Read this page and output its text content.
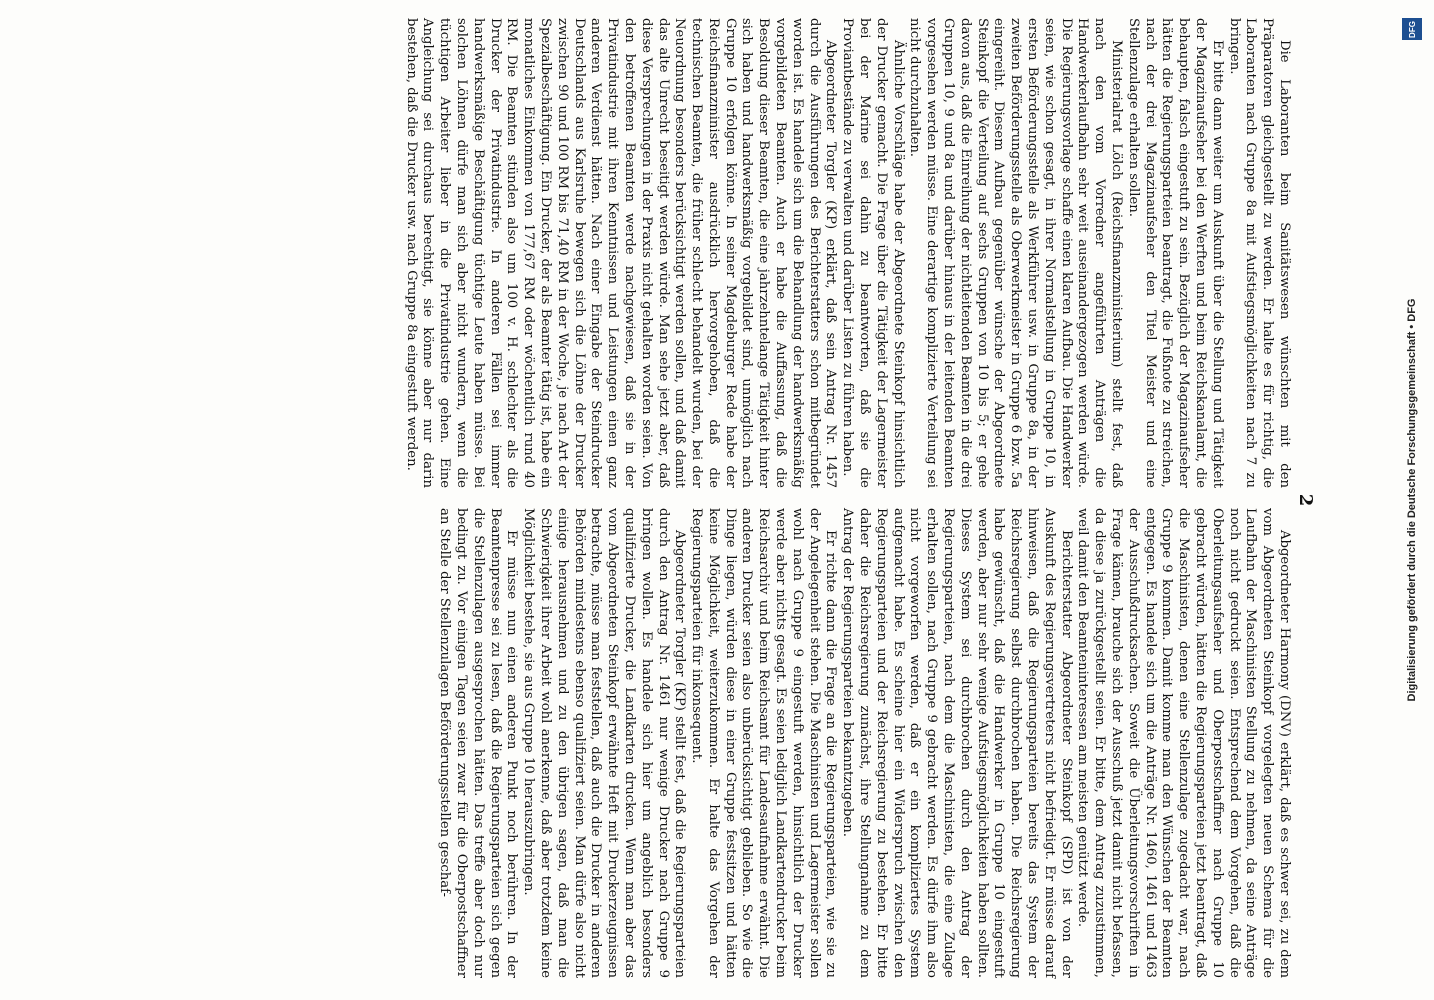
2

Die Laboranten beim Sanitätswesen wünschten mit den Präparatoren gleichgestellt zu werden. Er halte es für richtig, die Laboranten nach Gruppe 8a mit Aufstiegsmöglichkeiten nach 7 zu bringen.

Er bitte dann weiter um Auskunft über die Stellung und Tätigkeit der Magazinaufseher bei den Werften und beim Reichskanalamt, die behaupten, falsch eingestuft zu sein. Bezüglich der Magazinaufseher hätten die Regierungsparteien beantragt, die Fußnote zu streichen, nach der drei Magazinaufseher den Titel Meister und eine Stellenzulage erhalten sollen.

Ministerialrat Lölch (Reichsfinanzministerium) stellt fest, daß nach den vom Vorredner angeführten Anträgen die Handwerkerlaufbahn sehr weit auseinandergezogen werden würde. Die Regierungsvorlage schaffe einen klaren Aufbau. Die Handwerker seien, wie schon gesagt, in ihrer Normalstellung in Gruppe 10, in ersten Beförderungsstelle als Werkführer usw. in Gruppe 8a, in der zweiten Beförderungsstelle als Oberwerkmeister in Gruppe 6 bzw. 5a eingereiht. Diesem Aufbau gegenüber wünsche der Abgeordnete Steinkopf die Verteilung auf sechs Gruppen von 10 bis 5; er gehe davon aus, daß die Einreihung der nichtleitenden Beamten in die drei Gruppen 10, 9 und 8a und darüber hinaus in der leitenden Beamten vorgesehen werden müsse. Eine derartige komplizierte Verteilung sei nicht durchzuhalten.

Ähnliche Vorschläge habe der Abgeordnete Steinkopf hinsichtlich der Drucker gemacht. Die Frage über die Tätigkeit der Lagermeister bei der Marine sei dahin zu beantworten, daß sie die Proviantbestände zu verwalten und darüber Listen zu führen haben.

Abgeordneter Torgler (KP) erklärt, daß sein Antrag Nr. 1457 durch die Ausführungen des Berichterstatters schon mitbegründet worden ist. Es handele sich um die Behandlung der handwerksmäßig vorgebildeten Beamten. Auch er habe die Auffassung, daß die Besoldung dieser Beamten, die eine jahrzehntelange Tätigkeit hinter sich haben und handwerksmäßig vorgebildet sind, unmöglich nach Gruppe 10 erfolgen könne. In seiner Magdeburger Rede habe der Reichsfinanzminister ausdrücklich hervorgehoben, daß die technischen Beamten, die früher schlecht behandelt wurden, bei der Neuordnung besonders berücksichtigt werden sollen, und daß damit das alte Unrecht beseitigt werden würde. Man sehe jetzt aber, daß diese Versprechungen in der Praxis nicht gehalten worden seien. Von den betroffenen Beamten werde nachgewiesen, daß sie in der Privatindustrie mit ihren Kenntnissen und Leistungen einen ganz anderen Verdienst hätten. Nach einer Eingabe der Steindrucker Deutschlands aus Karlsruhe bewegen sich die Löhne der Drucker zwischen 90 und 100 RM bis 71,40 RM in der Woche, je nach Art der Spezialbeschäftigung. Ein Drucker, der als Beamter tätig ist, habe ein monatliches Einkommen von 177,67 RM oder wöchentlich rund 40 RM. Die Beamten stünden also um 100 v. H. schlechter als die Drucker der Privatindustrie. In anderen Fällen sei immer handwerksmäßige Beschäftigung tüchtige Leute haben müsse. Bei solchen Löhnen dürfe man sich aber nicht wundern, wenn die tüchtigen Arbeiter lieber in die Privatindustrie gehen. Eine Angleichung sei durchaus berechtigt, sie könne aber nur darin bestehen, daß die Drucker usw. nach Gruppe 8a eingestuft werden.

Abgeordneter Harmony (DNV) erklärt, daß es schwer sei, zu dem vom Abgeordneten Steinkopf vorgelegten neuen Schema für die Laufbahn der Maschinisten Stellung zu nehmen, da seine Anträge noch nicht gedruckt seien. Entsprechend dem Vorgehen, daß die Oberleitungsaufseher und Oberpostschaffner nach Gruppe 10 gebracht würden, hätten die Regierungsparteien jetzt beantragt, daß die Maschinisten, denen eine Stellenzulage zugedacht war, nach Gruppe 9 kommen. Damit komme man den Wünschen der Beamten entgegen. Es handele sich um die Anträge Nr. 1460, 1461 und 1463 der Ausschußdrucksachen. Soweit die Überleitungsvorschriften in Frage kämen, brauche sich der Ausschuß jetzt damit nicht befassen, da diese ja zurückgestellt seien. Er bitte, dem Antrag zuzustimmen, weil damit den Beamteninteressen am meisten genützt werde.

Berichterstatter Abgeordneter Steinkopf (SPD) ist von der Auskunft des Regierungsvertreters nicht befriedigt. Er müsse darauf hinweisen, daß die Regierungsparteien bereits das System der Reichsregierung selbst durchbrochen haben. Die Reichsregierung habe gewünscht, daß die Handwerker in Gruppe 10 eingestuft werden, aber nur sehr wenige Aufstiegsmöglichkeiten haben sollten. Dieses System sei durchbrochen durch den Antrag der Regierungsparteien, nach dem die Maschinisten, die eine Zulage erhalten sollen, nach Gruppe 9 gebracht werden. Es dürfe ihm also nicht vorgeworfen werden, daß er ein kompliziertes System aufgemacht habe. Es scheine hier ein Widerspruch zwischen den Regierungsparteien und der Reichsregierung zu bestehen. Er bitte daher die Reichsregierung zunächst, ihre Stellungnahme zu dem Antrag der Regierungsparteien bekanntzugeben.

Er richte dann die Frage an die Regierungsparteien, wie sie zu der Angelegenheit stehen. Die Maschinisten und Lagermeister sollen wohl nach Gruppe 9 eingestuft werden, hinsichtlich der Drucker werde aber nichts gesagt. Es seien lediglich Landkartendrucker beim Reichsarchiv und beim Reichsamt für Landesaufnahme erwähnt. Die anderen Drucker seien also unberücksichtigt geblieben. So wie die Dinge liegen, würden diese in einer Gruppe festsitzen und hätten keine Möglichkeit, weiterzukommen. Er halte das Vorgehen der Regierungsparteien für inkonsequent.

Abgeordneter Torgler (KP) stellt fest, daß die Regierungsparteien durch den Antrag Nr. 1461 nur wenige Drucker nach Gruppe 9 bringen wollen. Es handele sich hier um angeblich besonders qualifizierte Drucker, die Landkarten drucken. Wenn man aber das vom Abgeordneten Steinkopf erwähnte Heft mit Druckerzeugnissen betrachte, müsse man feststellen, daß auch die Drucker in anderen Behörden mindestens ebenso qualifiziert seien. Man dürfe also nicht einige herausnehmen und zu den übrigen sagen, daß man die Schwierigkeit ihrer Arbeit wohl anerkenne, daß aber trotzdem keine Möglichkeit bestehe, sie aus Gruppe 10 herauszubringen.

Er müsse nun einen anderen Punkt noch berühren. In der Beamtenpresse sei zu lesen, daß die Regierungsparteien sich gegen die Stellenzulagen ausgesprochen hätten. Das treffe aber doch nur bedingt zu. Vor einigen Tagen seien zwar für die Oberpostschaffner an Stelle der Stellenzulagen Beförderungsstellen geschaf-

DFG
Digitalisierung gefördert durch die Deutsche Forschungsgemeinschaft • DFG
